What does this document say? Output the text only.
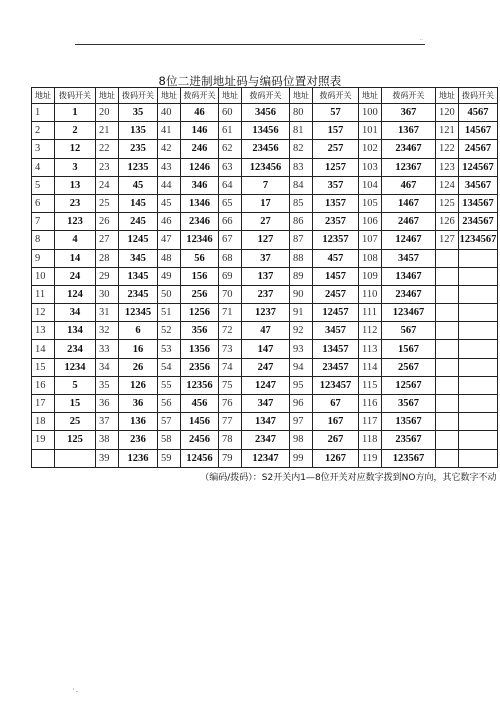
..
8位二进制地址码与编码位置对照表
地址	拨码开关	地址	拨码开关	地址	拨码开关	地址	拨码开关	地址	拨码开关	地址	拨码开关	地址	拨码开关
1	1	20	35	40	46	60	3456	80	57	100	367	120	4567
2	2	21	135	41	146	61	13456	81	157	101	1367	121	14567
3	12	22	235	42	246	62	23456	82	257	102	23467	122	24567
4	3	23	1235	43	1246	63	123456	83	1257	103	12367	123	124567
5	13	24	45	44	346	64	7	84	357	104	467	124	34567
6	23	25	145	45	1346	65	17	85	1357	105	1467	125	134567
7	123	26	245	46	2346	66	27	86	2357	106	2467	126	234567
8	4	27	1245	47	12346	67	127	87	12357	107	12467	127	1234567
9	14	28	345	48	56	68	37	88	457	108	3457		
10	24	29	1345	49	156	69	137	89	1457	109	13467		
11	124	30	2345	50	256	70	237	90	2457	110	23467		
12	34	31	12345	51	1256	71	1237	91	12457	111	123467		
13	134	32	6	52	356	72	47	92	3457	112	567		
14	234	33	16	53	1356	73	147	93	13457	113	1567		
15	1234	34	26	54	2356	74	247	94	23457	114	2567		
16	5	35	126	55	12356	75	1247	95	123457	115	12567		
17	15	36	36	56	456	76	347	96	67	116	3567		
18	25	37	136	57	1456	77	1347	97	167	117	13567		
19	125	38	236	58	2456	78	2347	98	267	118	23567		
		39	1236	59	12456	79	12347	99	1267	119	123567		
（编码/拨码）：S2开关内1—8位开关对应数字拨到NO方向，其它数字不动													
' -
